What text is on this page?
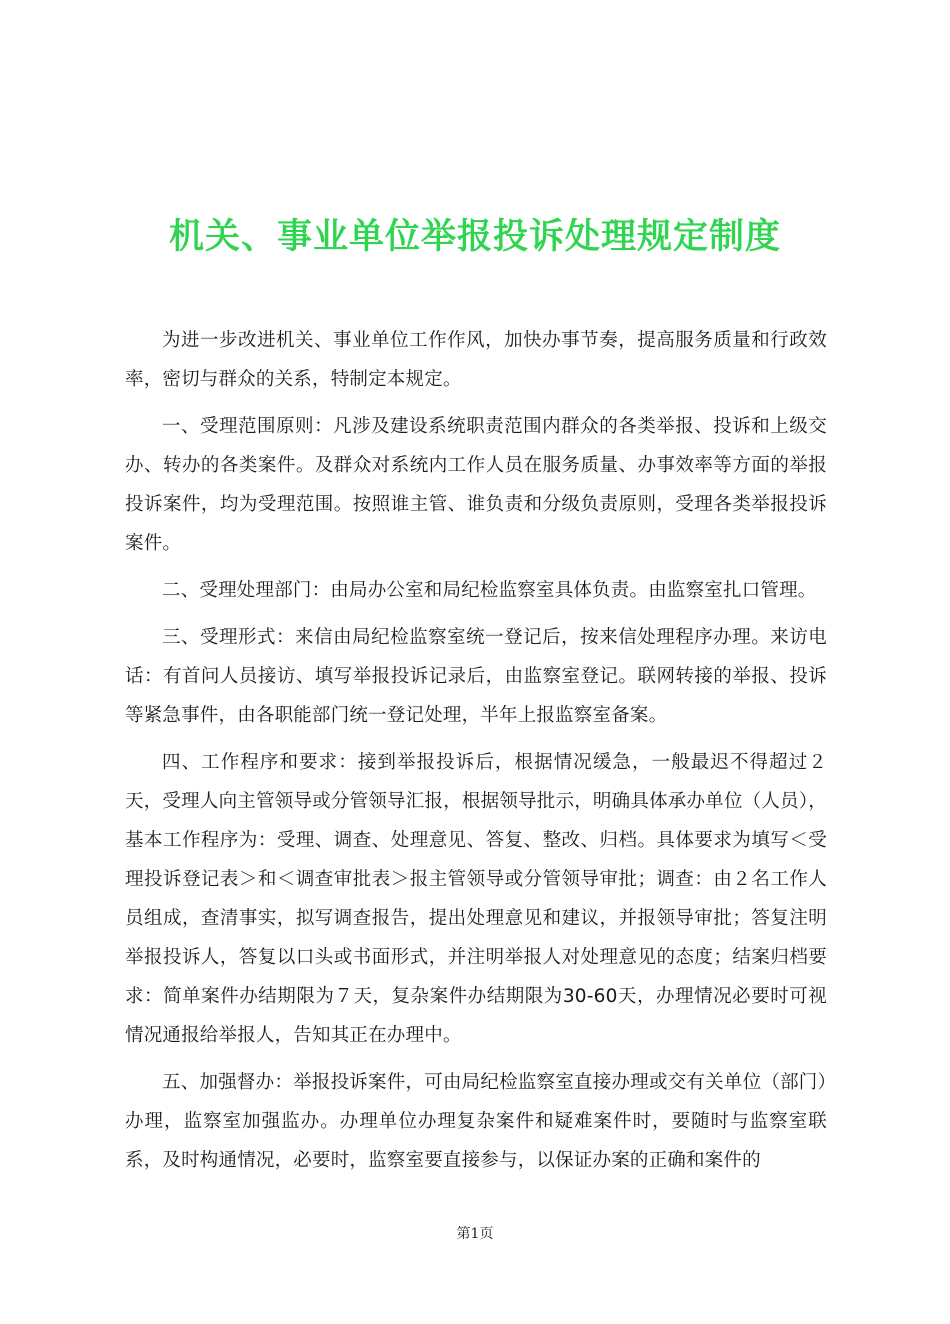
机关、事业单位举报投诉处理规定制度

为进一步改进机关、事业单位工作作风，加快办事节奏，提高服务质量和行政效率，密切与群众的关系，特制定本规定。

一、受理范围原则：凡涉及建设系统职责范围内群众的各类举报、投诉和上级交办、转办的各类案件。及群众对系统内工作人员在服务质量、办事效率等方面的举报投诉案件，均为受理范围。按照谁主管、谁负责和分级负责原则，受理各类举报投诉案件。

二、受理处理部门：由局办公室和局纪检监察室具体负责。由监察室扎口管理。

三、受理形式：来信由局纪检监察室统一登记后，按来信处理程序办理。来访电话：有首问人员接访、填写举报投诉记录后，由监察室登记。联网转接的举报、投诉等紧急事件，由各职能部门统一登记处理，半年上报监察室备案。

四、工作程序和要求：接到举报投诉后，根据情况缓急，一般最迟不得超过２天，受理人向主管领导或分管领导汇报，根据领导批示，明确具体承办单位（人员），基本工作程序为：受理、调查、处理意见、答复、整改、归档。具体要求为填写＜受理投诉登记表＞和＜调查审批表＞报主管领导或分管领导审批；调查：由２名工作人员组成，查清事实，拟写调查报告，提出处理意见和建议，并报领导审批；答复注明举报投诉人，答复以口头或书面形式，并注明举报人对处理意见的态度；结案归档要求：简单案件办结期限为７天，复杂案件办结期限为30-60天，办理情况必要时可视情况通报给举报人，告知其正在办理中。

五、加强督办：举报投诉案件，可由局纪检监察室直接办理或交有关单位（部门）办理，监察室加强监办。办理单位办理复杂案件和疑难案件时，要随时与监察室联系，及时构通情况，必要时，监察室要直接参与，以保证办案的正确和案件的

第1页
